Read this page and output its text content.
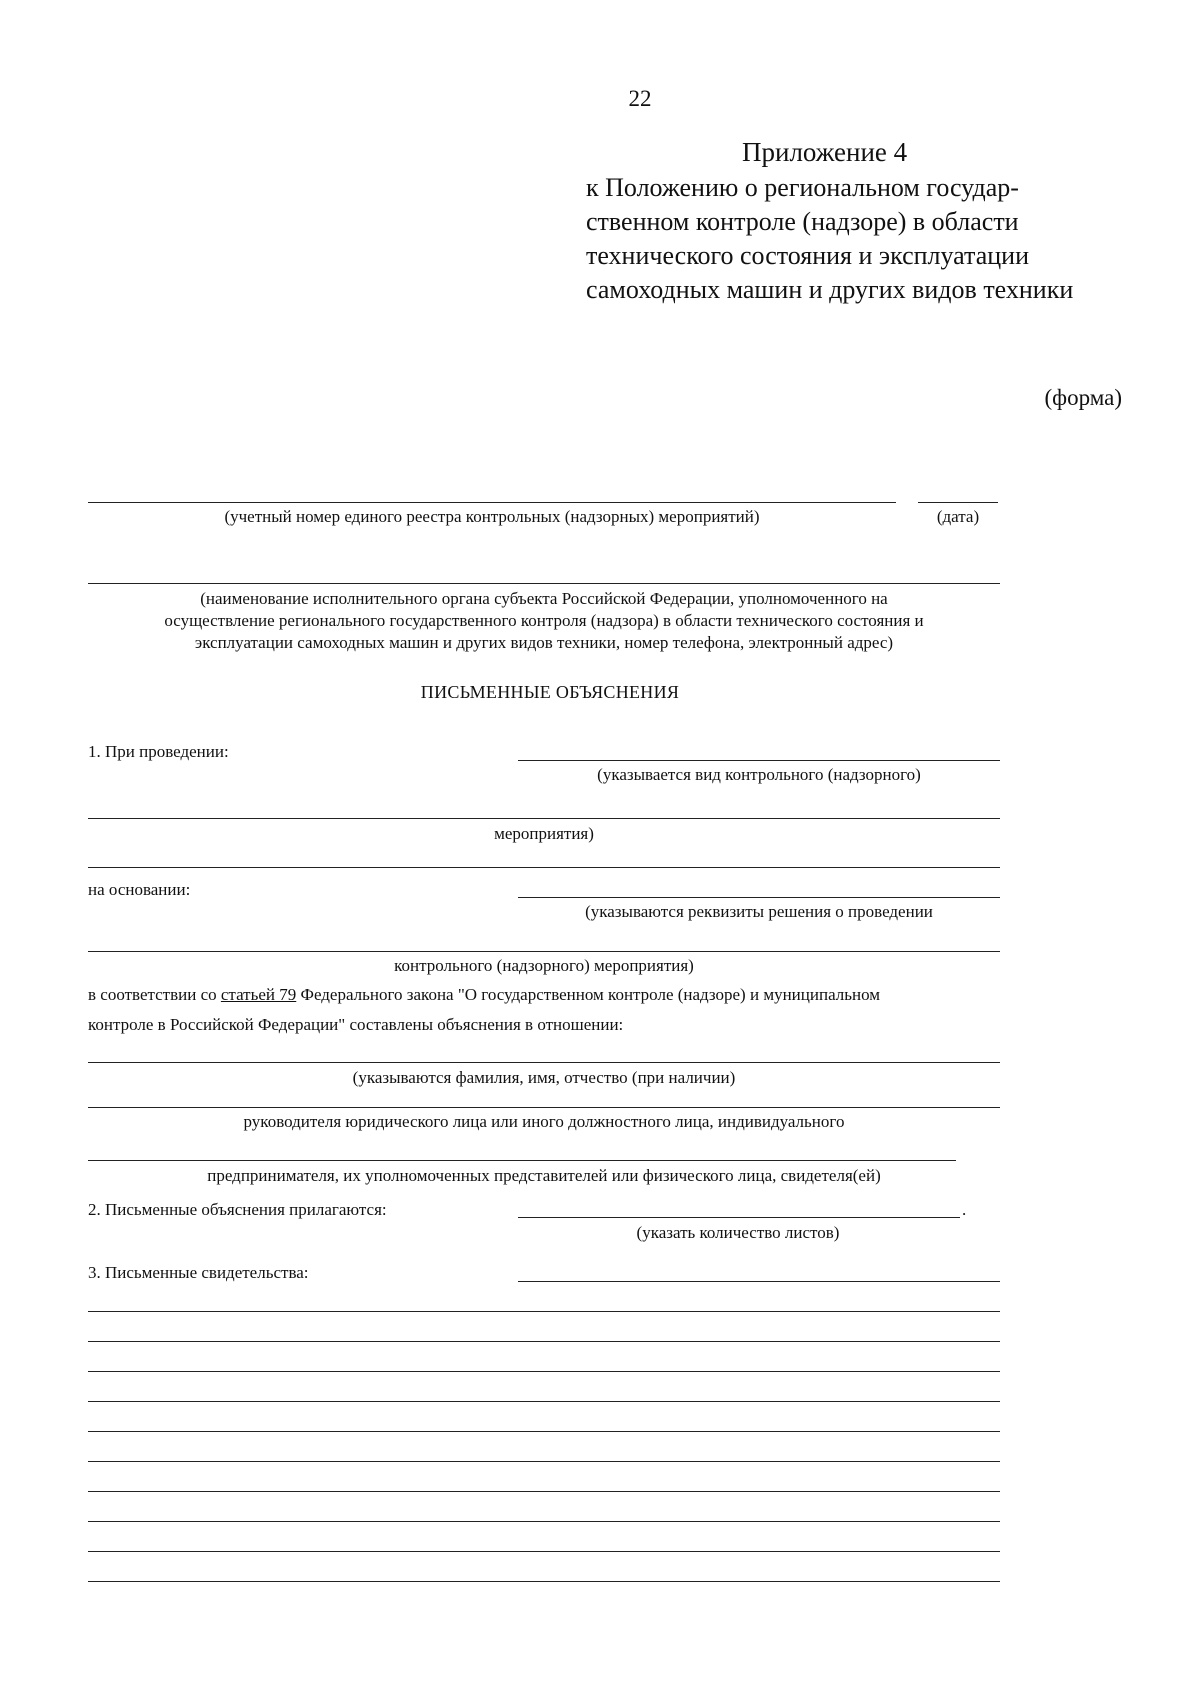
22
Приложение 4
к Положению о региональном государ-
ственном контроле (надзоре) в области
технического состояния и эксплуатации
самоходных машин и других видов техники
(форма)
(учетный номер единого реестра контрольных (надзорных) мероприятий)	(дата)
(наименование исполнительного органа субъекта Российской Федерации, уполномоченного на
осуществление регионального государственного контроля (надзора) в области технического состояния и
эксплуатации самоходных машин и других видов техники, номер телефона, электронный адрес)
ПИСЬМЕННЫЕ ОБЪЯСНЕНИЯ
1. При проведении:
(указывается вид контрольного (надзорного)
мероприятия)
на основании:
(указываются реквизиты решения о проведении
контрольного (надзорного) мероприятия)
в соответствии со статьей 79 Федерального закона "О государственном контроле (надзоре) и муниципальном
контроле в Российской Федерации" составлены объяснения в отношении:
(указываются фамилия, имя, отчество (при наличии)
руководителя юридического лица или иного должностного лица, индивидуального
предпринимателя, их уполномоченных представителей или физического лица, свидетеля(ей)
2. Письменные объяснения прилагаются:	.
(указать количество листов)
3. Письменные свидетельства:
